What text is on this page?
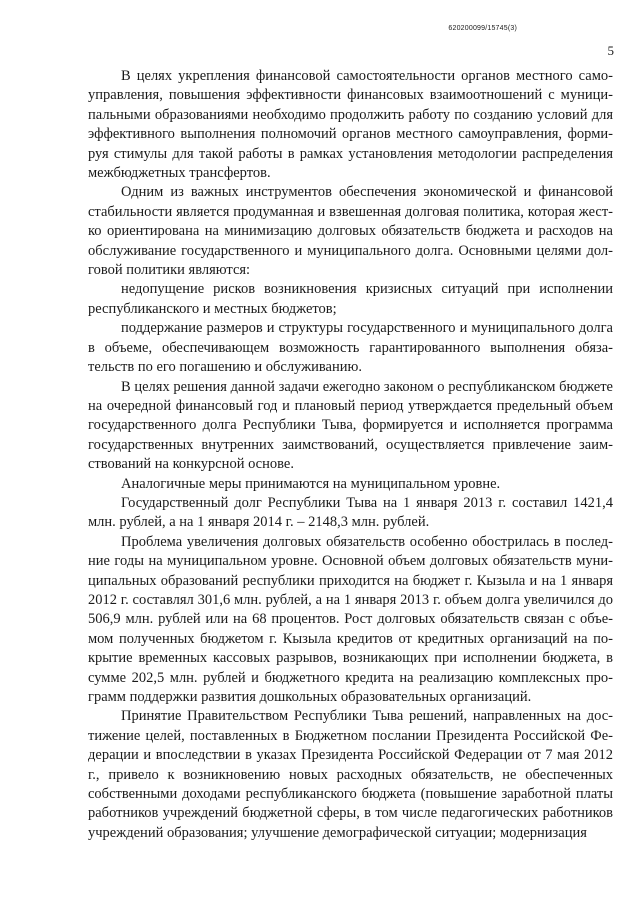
620200099/15745(3)
5

В целях укрепления финансовой самостоятельности органов местного самоуправления, повышения эффективности финансовых взаимоотношений с муниципальными образованиями необходимо продолжить работу по созданию условий для эффективного выполнения полномочий органов местного самоуправления, формируя стимулы для такой работы в рамках установления методологии распределения межбюджетных трансфертов.

Одним из важных инструментов обеспечения экономической и финансовой стабильности является продуманная и взвешенная долговая политика, которая жестко ориентирована на минимизацию долговых обязательств бюджета и расходов на обслуживание государственного и муниципального долга. Основными целями долговой политики являются:

недопущение рисков возникновения кризисных ситуаций при исполнении республиканского и местных бюджетов;

поддержание размеров и структуры государственного и муниципального долга в объеме, обеспечивающем возможность гарантированного выполнения обязательств по его погашению и обслуживанию.

В целях решения данной задачи ежегодно законом о республиканском бюджете на очередной финансовый год и плановый период утверждается предельный объем государственного долга Республики Тыва, формируется и исполняется программа государственных внутренних заимствований, осуществляется привлечение заимствований на конкурсной основе.

Аналогичные меры принимаются на муниципальном уровне.

Государственный долг Республики Тыва на 1 января 2013 г. составил 1421,4 млн. рублей, а на 1 января 2014 г. – 2148,3 млн. рублей.

Проблема увеличения долговых обязательств особенно обострилась в последние годы на муниципальном уровне. Основной объем долговых обязательств муниципальных образований республики приходится на бюджет г. Кызыла и на 1 января 2012 г. составлял 301,6 млн. рублей, а на 1 января 2013 г. объем долга увеличился до 506,9 млн. рублей или на 68 процентов. Рост долговых обязательств связан с объемом полученных бюджетом г. Кызыла кредитов от кредитных организаций на покрытие временных кассовых разрывов, возникающих при исполнении бюджета, в сумме 202,5 млн. рублей и бюджетного кредита на реализацию комплексных программ поддержки развития дошкольных образовательных организаций.

Принятие Правительством Республики Тыва решений, направленных на достижение целей, поставленных в Бюджетном послании Президента Российской Федерации и впоследствии в указах Президента Российской Федерации от 7 мая 2012 г., привело к возникновению новых расходных обязательств, не обеспеченных собственными доходами республиканского бюджета (повышение заработной платы работников учреждений бюджетной сферы, в том числе педагогических работников учреждений образования; улучшение демографической ситуации; модернизация
